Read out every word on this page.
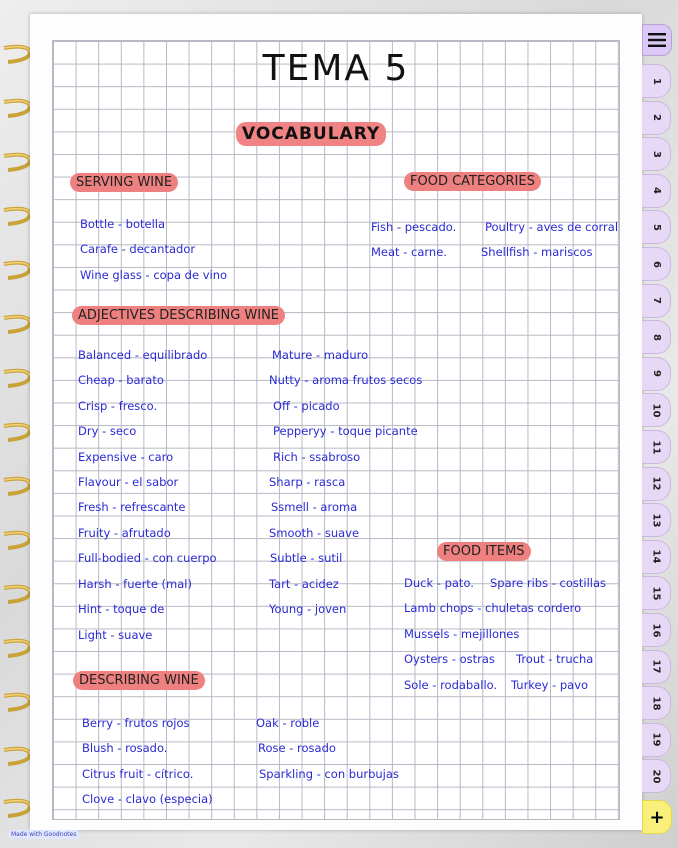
TEMA 5
VOCABULARY
SERVING WINE
Bottle - botella
Carafe - decantador
Wine glass - copa de vino
FOOD CATEGORIES
Fish - pescado.
Meat - carne.
Poultry - aves de corral
Shellfish - mariscos
ADJECTIVES DESCRIBING WINE
Balanced - equilibrado
Cheap - barato
Crisp - fresco.
Dry - seco
Expensive - caro
Flavour - el sabor
Fresh - refrescante
Fruity - afrutado
Full-bodied - con cuerpo
Harsh - fuerte (mal)
Hint - toque de
Light - suave
Mature - maduro
Nutty - aroma frutos secos
Off - picado
Pepperyy - toque picante
Rich - ssabroso
Sharp - rasca
Ssmell - aroma
Smooth - suave
Subtle - sutil
Tart - acidez
Young - joven
FOOD ITEMS
Duck - pato. Spare ribs - costillas
Lamb chops - chuletas cordero
Mussels - mejillones
Oysters - ostras Trout - trucha
Sole - rodaballo. Turkey - pavo
DESCRIBING WINE
Berry - frutos rojos
Blush - rosado.
Citrus fruit - cítrico.
Clove - clavo (especia)
Oak - roble
Rose - rosado
Sparkling - con burbujas
1
2
3
4
5
6
7
8
9
10
11
12
13
14
15
16
17
18
19
20
+
Made with Goodnotes
